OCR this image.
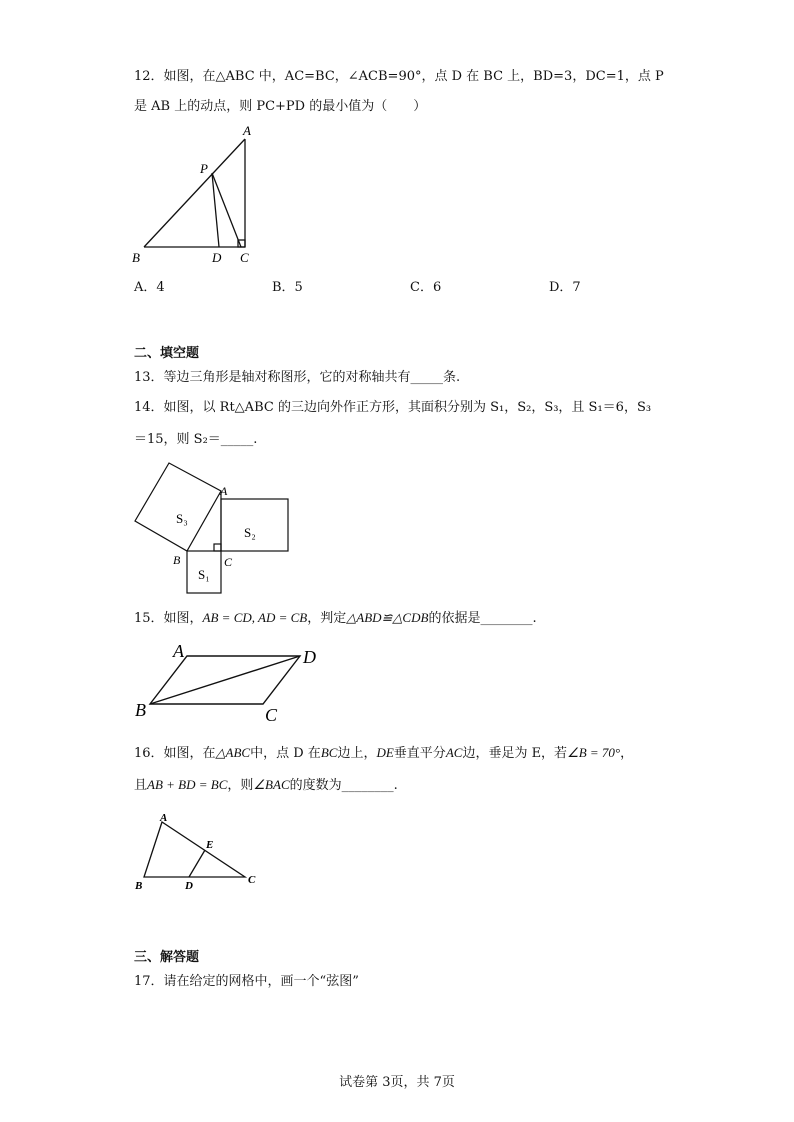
12．如图，在△ABC 中，AC=BC，∠ACB=90°，点 D 在 BC 上，BD=3，DC=1，点 P
是 AB 上的动点，则 PC+PD 的最小值为（　　）
A
P
B	D C
A．4	B．5	C．6	D．7
二、填空题
13．等边三角形是轴对称图形，它的对称轴共有_____条.
14．如图，以 Rt△ABC 的三边向外作正方形，其面积分别为 S₁，S₂，S₃，且 S₁＝6，S₃
＝15，则 S₂＝_____.
A
B	C
S₃
S₂
S₁
15．如图，AB = CD, AD = CB，判定△ABD≌△CDB的依据是________.
A	D
B	C
16．如图，在△ABC中，点 D 在BC边上，DE垂直平分AC边，垂足为 E，若∠B = 70°，
且AB + BD = BC，则∠BAC的度数为________.
A
E
B	D	C
三、解答题
17．请在给定的网格中，画一个“弦图”
试卷第 3页，共 7页
